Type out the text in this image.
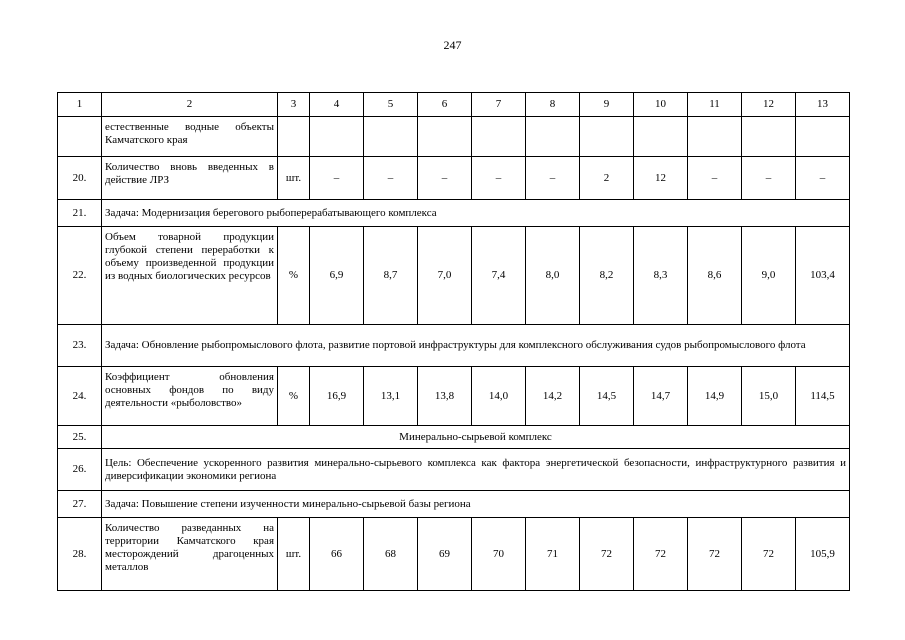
247
1	2	3	4	5	6	7	8	9	10	11	12	13
	естественные водные объекты Камчатского края											
20.	Количество вновь введенных в действие ЛРЗ	шт.	–	–	–	–	–	2	12	–	–	–
21.	Задача: Модернизация берегового рыбоперерабатывающего комплекса											
22.	Объем товарной продукции глубокой степени переработки к объему произведенной продукции из водных биологических ресурсов	%	6,9	8,7	7,0	7,4	8,0	8,2	8,3	8,6	9,0	103,4
23.	Задача: Обновление рыбопромыслового флота, развитие портовой инфраструктуры для комплексного обслуживания судов рыбопромыслового флота											
24.	Коэффициент обновления основных фондов по виду деятельности «рыболовство»	%	16,9	13,1	13,8	14,0	14,2	14,5	14,7	14,9	15,0	114,5
25.	Минерально-сырьевой комплекс											
26.	Цель: Обеспечение ускоренного развития минерально-сырьевого комплекса как фактора энергетической безопасности, инфраструктурного развития и диверсификации экономики региона											
27.	Задача: Повышение степени изученности минерально-сырьевой базы региона											
28.	Количество разведанных на территории Камчатского края месторождений драгоценных металлов	шт.	66	68	69	70	71	72	72	72	72	105,9
